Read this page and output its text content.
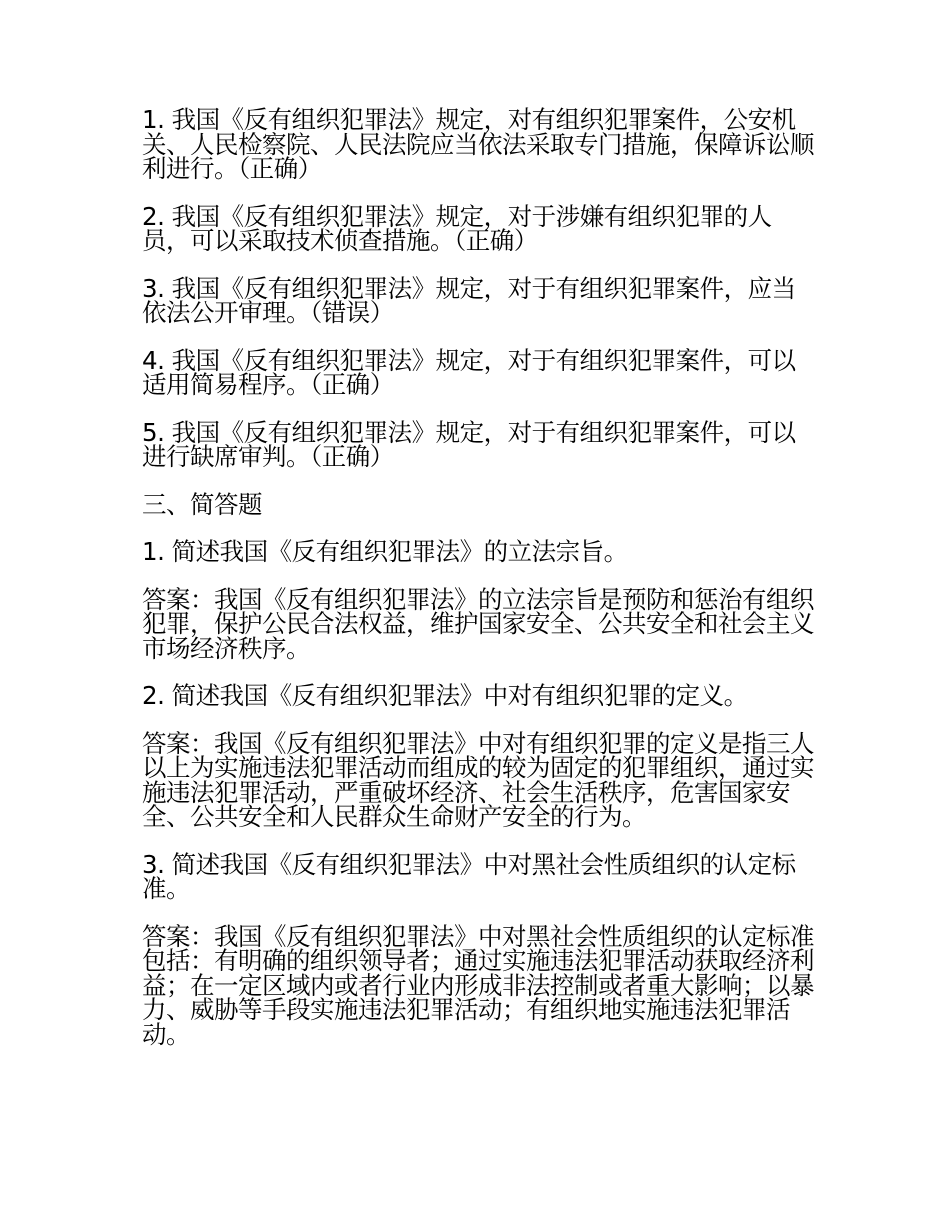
1. 我国《反有组织犯罪法》规定，对有组织犯罪案件，公安机关、人民检察院、人民法院应当依法采取专门措施，保障诉讼顺利进行。（正确）

2. 我国《反有组织犯罪法》规定，对于涉嫌有组织犯罪的人员，可以采取技术侦查措施。（正确）

3. 我国《反有组织犯罪法》规定，对于有组织犯罪案件，应当依法公开审理。（错误）

4. 我国《反有组织犯罪法》规定，对于有组织犯罪案件，可以适用简易程序。（正确）

5. 我国《反有组织犯罪法》规定，对于有组织犯罪案件，可以进行缺席审判。（正确）

三、简答题

1. 简述我国《反有组织犯罪法》的立法宗旨。

答案：我国《反有组织犯罪法》的立法宗旨是预防和惩治有组织犯罪，保护公民合法权益，维护国家安全、公共安全和社会主义市场经济秩序。

2. 简述我国《反有组织犯罪法》中对有组织犯罪的定义。

答案：我国《反有组织犯罪法》中对有组织犯罪的定义是指三人以上为实施违法犯罪活动而组成的较为固定的犯罪组织，通过实施违法犯罪活动，严重破坏经济、社会生活秩序，危害国家安全、公共安全和人民群众生命财产安全的行为。

3. 简述我国《反有组织犯罪法》中对黑社会性质组织的认定标准。

答案：我国《反有组织犯罪法》中对黑社会性质组织的认定标准包括：有明确的组织领导者；通过实施违法犯罪活动获取经济利益；在一定区域内或者行业内形成非法控制或者重大影响；以暴力、威胁等手段实施违法犯罪活动；有组织地实施违法犯罪活动。
